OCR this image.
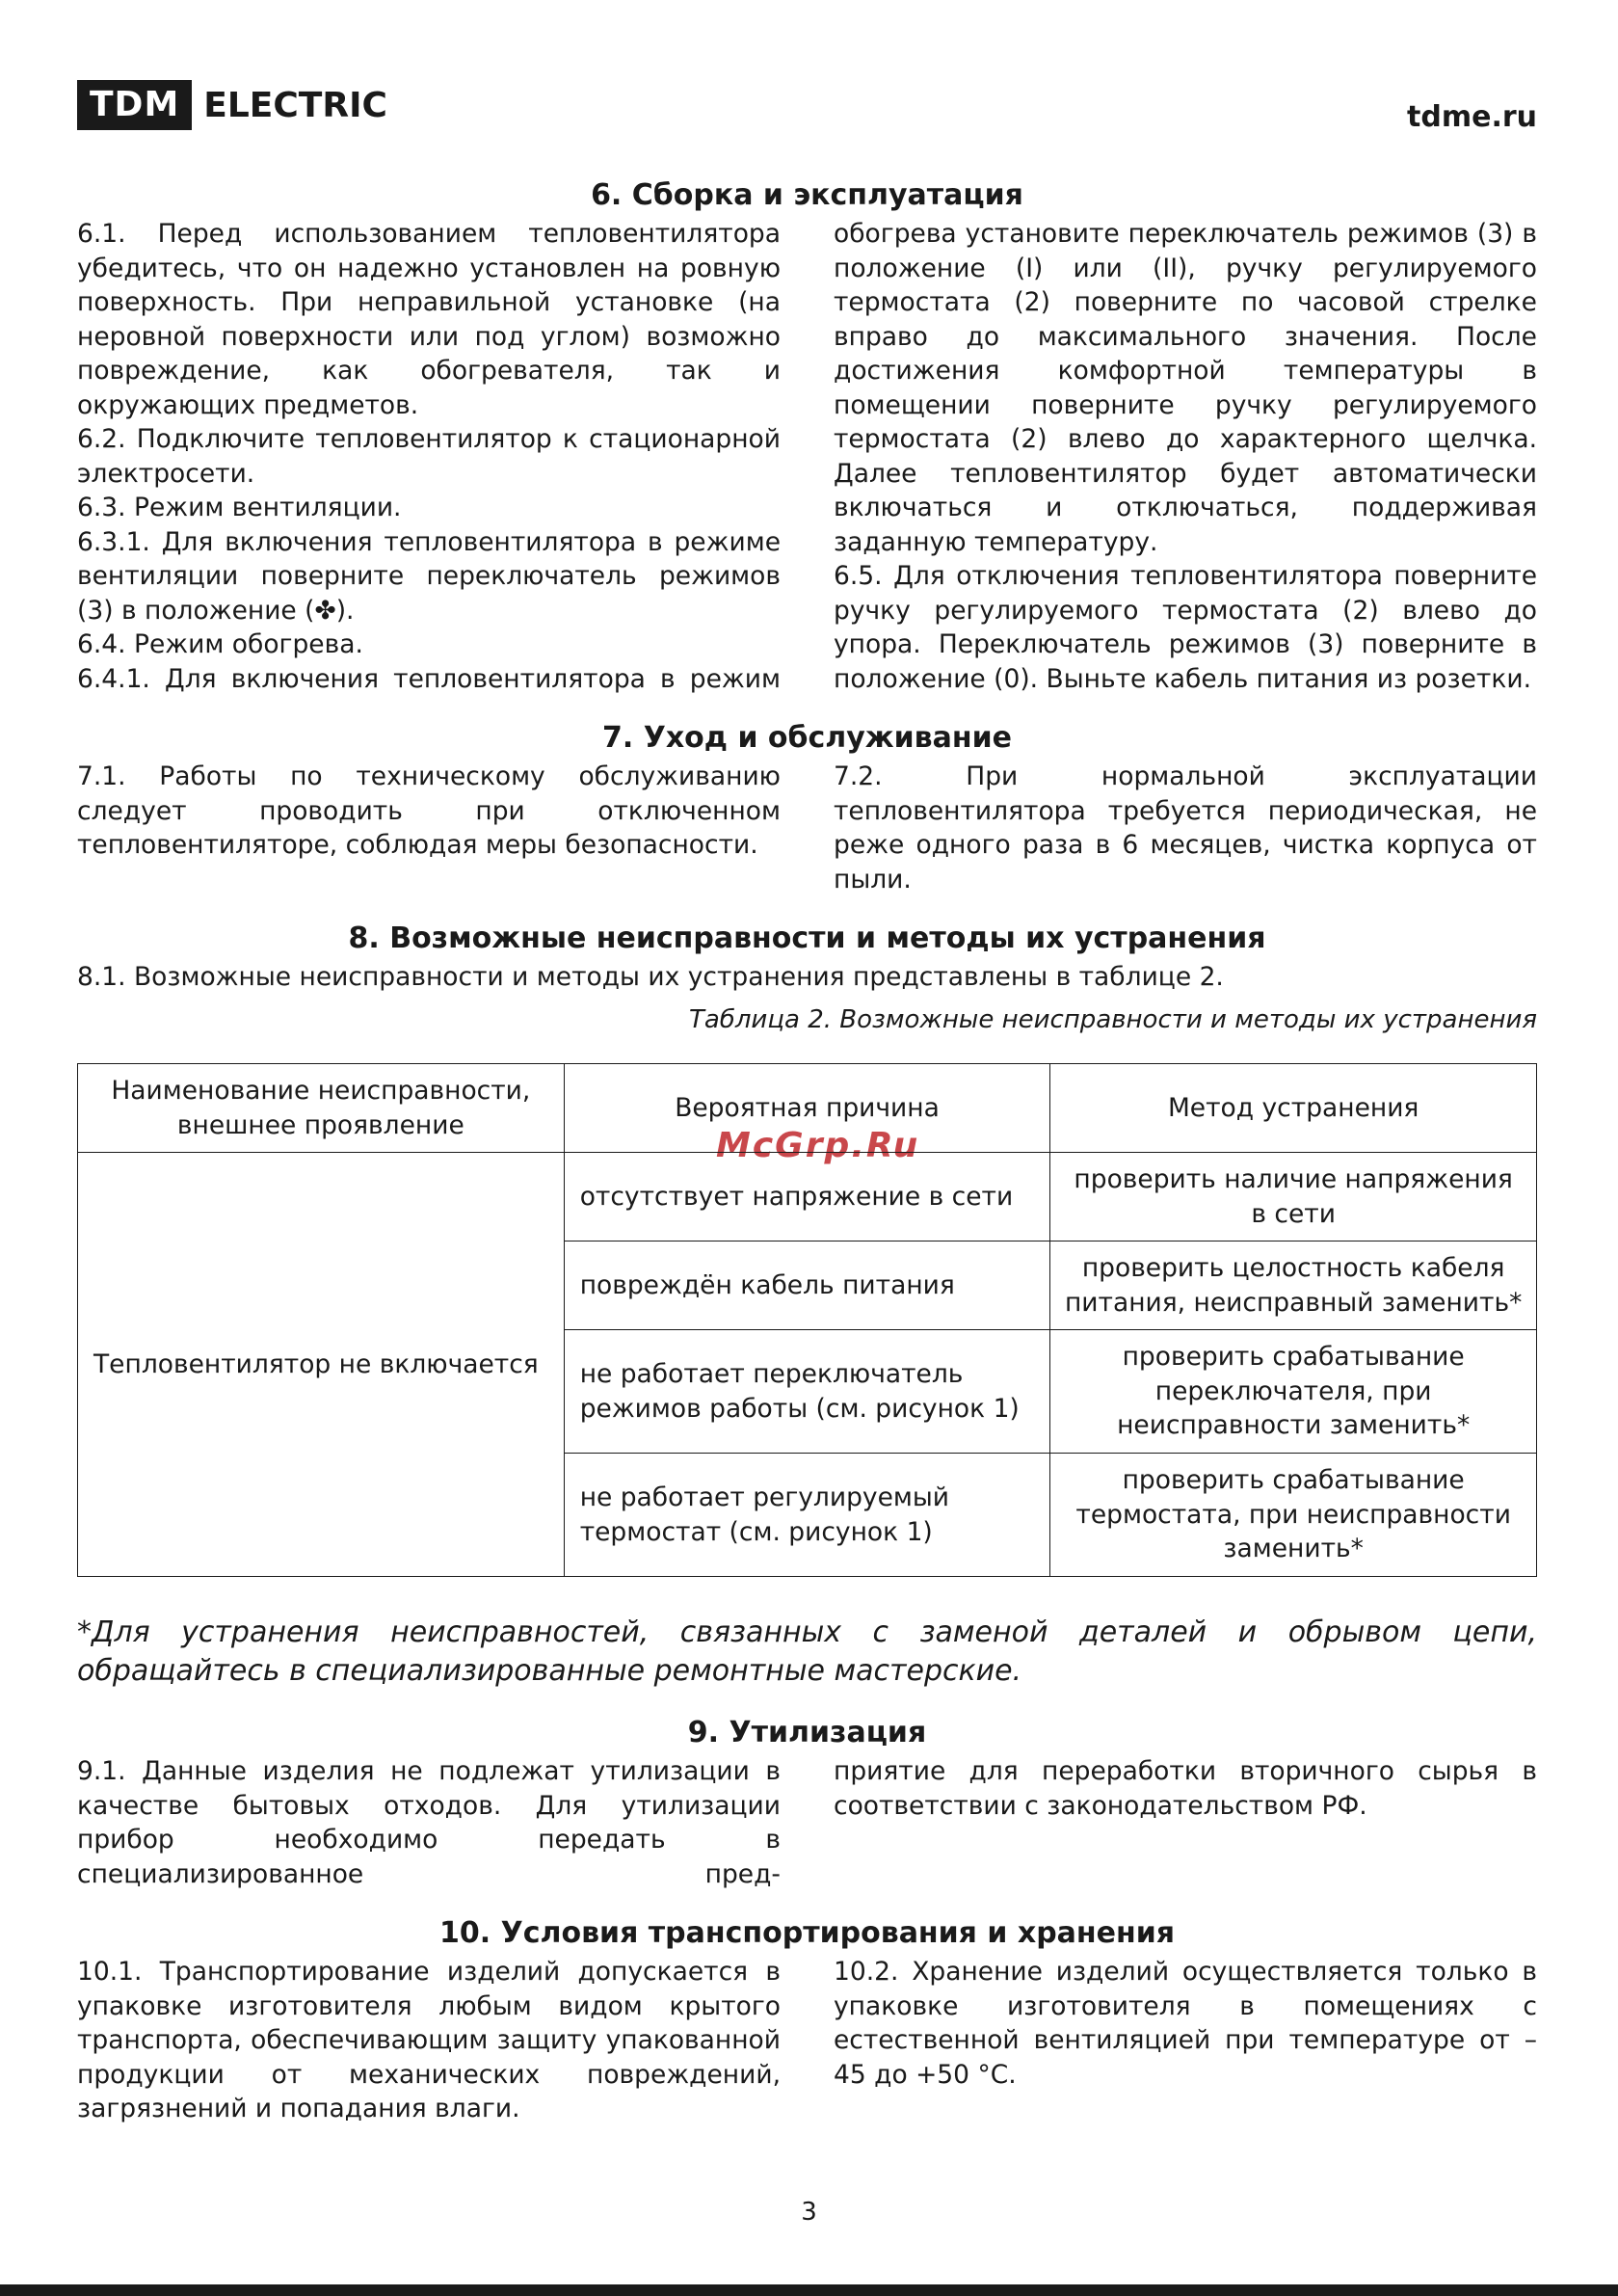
TDM ELECTRIC	tdme.ru
McGrp.Ru
6. Сборка и эксплуатация

6.1. Перед использованием тепловентилятора убедитесь, что он надежно установлен на ровную поверхность. При неправильной установке (на неровной поверхности или под углом) возможно повреждение, как обогревателя, так и окружающих предметов.

6.2. Подключите тепловентилятор к стационарной электросети.

6.3. Режим вентиляции.

6.3.1. Для включения тепловентилятора в режиме вентиляции поверните переключатель режимов (3) в положение (✤).

6.4. Режим обогрева.

6.4.1. Для включения тепловентилятора в режим

обогрева установите переключатель режимов (3) в положение (I) или (II), ручку регулируемого термостата (2) поверните по часовой стрелке вправо до максимального значения. После достижения комфортной температуры в помещении поверните ручку регулируемого термостата (2) влево до характерного щелчка. Далее тепловентилятор будет автоматически включаться и отключаться, поддерживая заданную температуру.

6.5. Для отключения тепловентилятора поверните ручку регулируемого термостата (2) влево до упора. Переключатель режимов (3) поверните в положение (0). Выньте кабель питания из розетки.

7. Уход и обслуживание

7.1. Работы по техническому обслуживанию следует проводить при отключенном тепловентиляторе, соблюдая меры безопасности.

7.2. При нормальной эксплуатации тепловентилятора требуется периодическая, не реже одного раза в 6 месяцев, чистка корпуса от пыли.

8. Возможные неисправности и методы их устранения

8.1. Возможные неисправности и методы их устранения представлены в таблице 2.

Таблица 2. Возможные неисправности и методы их устранения

Наименование неисправности, внешнее проявление	Вероятная причина	Метод устранения
Тепловентилятор не включается	отсутствует напряжение в сети	проверить наличие напряжения в сети
	повреждён кабель питания	проверить целостность кабеля питания, неисправный заменить*
	не работает переключатель режимов работы (см. рисунок 1)	проверить срабатывание переключателя, при неисправности заменить*
	не работает регулируемый термостат (см. рисунок 1)	проверить срабатывание термостата, при неисправности заменить*

*Для устранения неисправностей, связанных с заменой деталей и обрывом цепи, обращайтесь в специализированные ремонтные мастерские.

9. Утилизация

9.1. Данные изделия не подлежат утилизации в качестве бытовых отходов. Для утилизации прибор необходимо передать в специализированное пред-

приятие для переработки вторичного сырья в соответствии с законодательством РФ.

10. Условия транспортирования и хранения

10.1. Транспортирование изделий допускается в упаковке изготовителя любым видом крытого транспорта, обеспечивающим защиту упакованной продукции от механических повреждений, загрязнений и попадания влаги.

10.2. Хранение изделий осуществляется только в упаковке изготовителя в помещениях с естественной вентиляцией при температуре от –45 до +50 °C.

3
